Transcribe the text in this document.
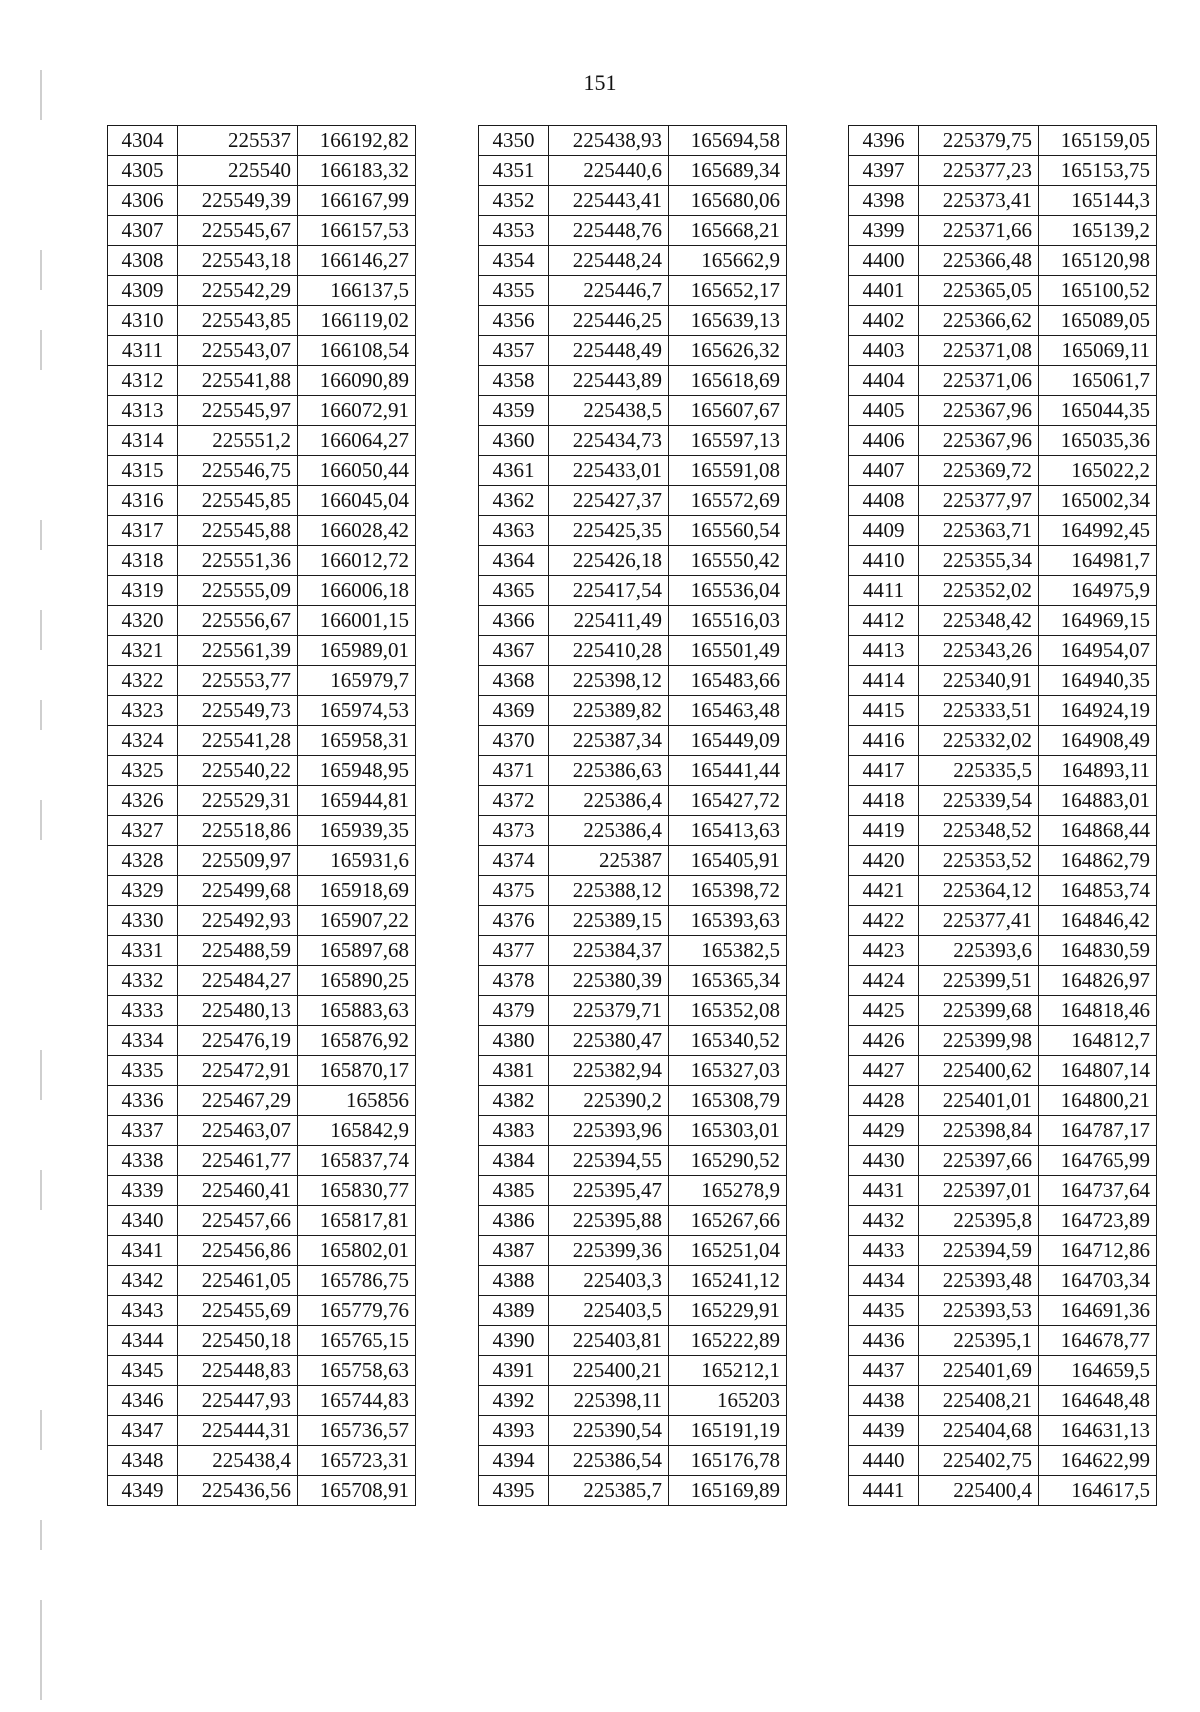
151
4304	225537	166192,82
4305	225540	166183,32
4306	225549,39	166167,99
4307	225545,67	166157,53
4308	225543,18	166146,27
4309	225542,29	166137,5
4310	225543,85	166119,02
4311	225543,07	166108,54
4312	225541,88	166090,89
4313	225545,97	166072,91
4314	225551,2	166064,27
4315	225546,75	166050,44
4316	225545,85	166045,04
4317	225545,88	166028,42
4318	225551,36	166012,72
4319	225555,09	166006,18
4320	225556,67	166001,15
4321	225561,39	165989,01
4322	225553,77	165979,7
4323	225549,73	165974,53
4324	225541,28	165958,31
4325	225540,22	165948,95
4326	225529,31	165944,81
4327	225518,86	165939,35
4328	225509,97	165931,6
4329	225499,68	165918,69
4330	225492,93	165907,22
4331	225488,59	165897,68
4332	225484,27	165890,25
4333	225480,13	165883,63
4334	225476,19	165876,92
4335	225472,91	165870,17
4336	225467,29	165856
4337	225463,07	165842,9
4338	225461,77	165837,74
4339	225460,41	165830,77
4340	225457,66	165817,81
4341	225456,86	165802,01
4342	225461,05	165786,75
4343	225455,69	165779,76
4344	225450,18	165765,15
4345	225448,83	165758,63
4346	225447,93	165744,83
4347	225444,31	165736,57
4348	225438,4	165723,31
4349	225436,56	165708,91
4350	225438,93	165694,58
4351	225440,6	165689,34
4352	225443,41	165680,06
4353	225448,76	165668,21
4354	225448,24	165662,9
4355	225446,7	165652,17
4356	225446,25	165639,13
4357	225448,49	165626,32
4358	225443,89	165618,69
4359	225438,5	165607,67
4360	225434,73	165597,13
4361	225433,01	165591,08
4362	225427,37	165572,69
4363	225425,35	165560,54
4364	225426,18	165550,42
4365	225417,54	165536,04
4366	225411,49	165516,03
4367	225410,28	165501,49
4368	225398,12	165483,66
4369	225389,82	165463,48
4370	225387,34	165449,09
4371	225386,63	165441,44
4372	225386,4	165427,72
4373	225386,4	165413,63
4374	225387	165405,91
4375	225388,12	165398,72
4376	225389,15	165393,63
4377	225384,37	165382,5
4378	225380,39	165365,34
4379	225379,71	165352,08
4380	225380,47	165340,52
4381	225382,94	165327,03
4382	225390,2	165308,79
4383	225393,96	165303,01
4384	225394,55	165290,52
4385	225395,47	165278,9
4386	225395,88	165267,66
4387	225399,36	165251,04
4388	225403,3	165241,12
4389	225403,5	165229,91
4390	225403,81	165222,89
4391	225400,21	165212,1
4392	225398,11	165203
4393	225390,54	165191,19
4394	225386,54	165176,78
4395	225385,7	165169,89
4396	225379,75	165159,05
4397	225377,23	165153,75
4398	225373,41	165144,3
4399	225371,66	165139,2
4400	225366,48	165120,98
4401	225365,05	165100,52
4402	225366,62	165089,05
4403	225371,08	165069,11
4404	225371,06	165061,7
4405	225367,96	165044,35
4406	225367,96	165035,36
4407	225369,72	165022,2
4408	225377,97	165002,34
4409	225363,71	164992,45
4410	225355,34	164981,7
4411	225352,02	164975,9
4412	225348,42	164969,15
4413	225343,26	164954,07
4414	225340,91	164940,35
4415	225333,51	164924,19
4416	225332,02	164908,49
4417	225335,5	164893,11
4418	225339,54	164883,01
4419	225348,52	164868,44
4420	225353,52	164862,79
4421	225364,12	164853,74
4422	225377,41	164846,42
4423	225393,6	164830,59
4424	225399,51	164826,97
4425	225399,68	164818,46
4426	225399,98	164812,7
4427	225400,62	164807,14
4428	225401,01	164800,21
4429	225398,84	164787,17
4430	225397,66	164765,99
4431	225397,01	164737,64
4432	225395,8	164723,89
4433	225394,59	164712,86
4434	225393,48	164703,34
4435	225393,53	164691,36
4436	225395,1	164678,77
4437	225401,69	164659,5
4438	225408,21	164648,48
4439	225404,68	164631,13
4440	225402,75	164622,99
4441	225400,4	164617,5
